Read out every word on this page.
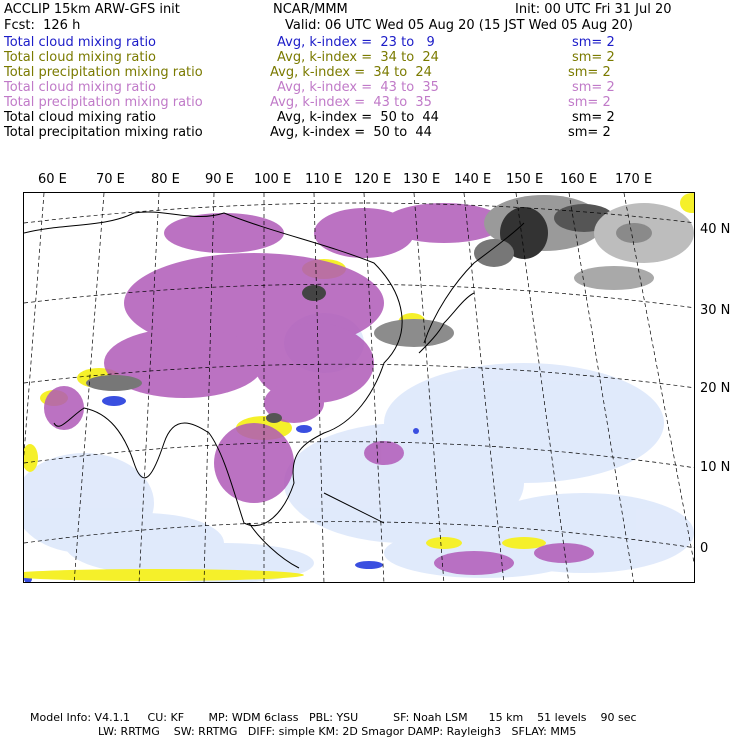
ACCLIP 15km ARW-GFS init	NCAR/MMM	Init: 00 UTC Fri 31 Jul 20
Fcst:  126 h	Valid: 06 UTC Wed 05 Aug 20 (15 JST Wed 05 Aug 20)
Total cloud mixing ratio	Avg, k-index =  23 to   9	sm= 2
Total cloud mixing ratio	Avg, k-index =  34 to  24	sm= 2
Total precipitation mixing ratio	Avg, k-index =  34 to  24	sm= 2
Total cloud mixing ratio	Avg, k-index =  43 to  35	sm= 2
Total precipitation mixing ratio	Avg, k-index =  43 to  35	sm= 2
Total cloud mixing ratio	Avg, k-index =  50 to  44	sm= 2
Total precipitation mixing ratio	Avg, k-index =  50 to  44	sm= 2
60 E 70 E 80 E 90 E 100 E 110 E 120 E 130 E 140 E 150 E 160 E 170 E
40 N
30 N
20 N
10 N
0
Model Info: V4.1.1     CU: KF       MP: WDM 6class   PBL: YSU          SF: Noah LSM      15 km    51 levels    90 sec
LW: RRTMG    SW: RRTMG   DIFF: simple KM: 2D Smagor DAMP: Rayleigh3   SFLAY: MM5
